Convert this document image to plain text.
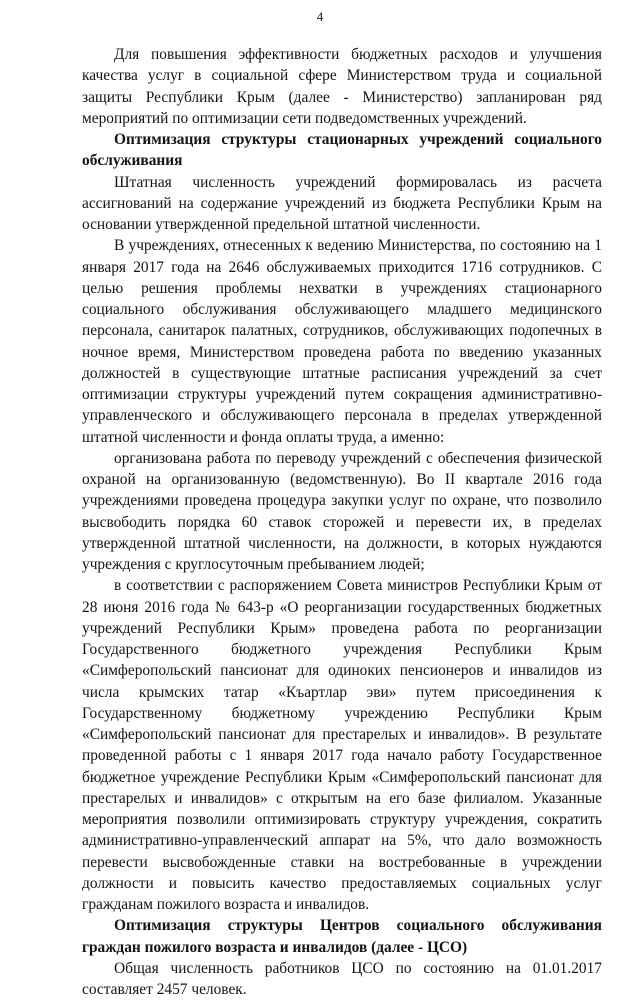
4

Для повышения эффективности бюджетных расходов и улучшения качества услуг в социальной сфере Министерством труда и социальной защиты Республики Крым (далее - Министерство) запланирован ряд мероприятий по оптимизации сети подведомственных учреждений.

Оптимизация структуры стационарных учреждений социального обслуживания

Штатная численность учреждений формировалась из расчета ассигнований на содержание учреждений из бюджета Республики Крым на основании утвержденной предельной штатной численности.

В учреждениях, отнесенных к ведению Министерства, по состоянию на 1 января 2017 года на 2646 обслуживаемых приходится 1716 сотрудников. С целью решения проблемы нехватки в учреждениях стационарного социального обслуживания обслуживающего младшего медицинского персонала, санитарок палатных, сотрудников, обслуживающих подопечных в ночное время, Министерством проведена работа по введению указанных должностей в существующие штатные расписания учреждений за счет оптимизации структуры учреждений путем сокращения административно-управленческого и обслуживающего персонала в пределах утвержденной штатной численности и фонда оплаты труда, а именно:

организована работа по переводу учреждений с обеспечения физической охраной на организованную (ведомственную). Во II квартале 2016 года учреждениями проведена процедура закупки услуг по охране, что позволило высвободить порядка 60 ставок сторожей и перевести их, в пределах утвержденной штатной численности, на должности, в которых нуждаются учреждения с круглосуточным пребыванием людей;

в соответствии с распоряжением Совета министров Республики Крым от 28 июня 2016 года № 643-р «О реорганизации государственных бюджетных учреждений Республики Крым» проведена работа по реорганизации Государственного бюджетного учреждения Республики Крым «Симферопольский пансионат для одиноких пенсионеров и инвалидов из числа крымских татар «Къартлар эви» путем присоединения к Государственному бюджетному учреждению Республики Крым «Симферопольский пансионат для престарелых и инвалидов». В результате проведенной работы с 1 января 2017 года начало работу Государственное бюджетное учреждение Республики Крым «Симферопольский пансионат для престарелых и инвалидов» с открытым на его базе филиалом. Указанные мероприятия позволили оптимизировать структуру учреждения, сократить административно-управленческий аппарат на 5%, что дало возможность перевести высвобожденные ставки на востребованные в учреждении должности и повысить качество предоставляемых социальных услуг гражданам пожилого возраста и инвалидов.

Оптимизация структуры Центров социального обслуживания граждан пожилого возраста и инвалидов (далее - ЦСО)

Общая численность работников ЦСО по состоянию на 01.01.2017 составляет 2457 человек.
